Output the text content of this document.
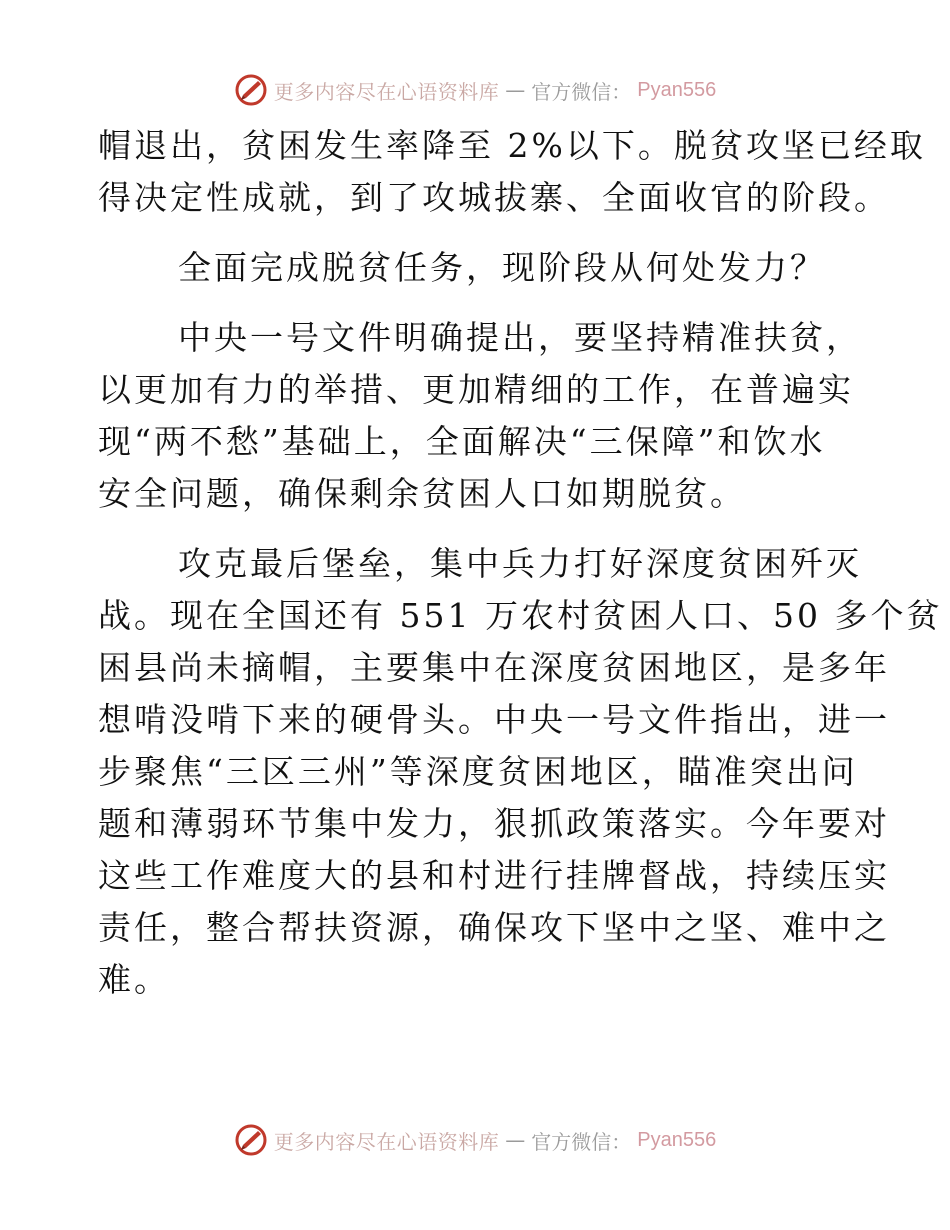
更多内容尽在心语资料库 — 官方微信： Pyan556

帽退出，贫困发生率降至 2%以下。脱贫攻坚已经取
得决定性成就，到了攻城拔寨、全面收官的阶段。

全面完成脱贫任务，现阶段从何处发力？

中央一号文件明确提出，要坚持精准扶贫，
以更加有力的举措、更加精细的工作，在普遍实
现“两不愁”基础上，全面解决“三保障”和饮水
安全问题，确保剩余贫困人口如期脱贫。

攻克最后堡垒，集中兵力打好深度贫困歼灭
战。现在全国还有 551 万农村贫困人口、50 多个贫
困县尚未摘帽，主要集中在深度贫困地区，是多年
想啃没啃下来的硬骨头。中央一号文件指出，进一
步聚焦“三区三州”等深度贫困地区，瞄准突出问
题和薄弱环节集中发力，狠抓政策落实。今年要对
这些工作难度大的县和村进行挂牌督战，持续压实
责任，整合帮扶资源，确保攻下坚中之坚、难中之
难。

更多内容尽在心语资料库 — 官方微信： Pyan556
